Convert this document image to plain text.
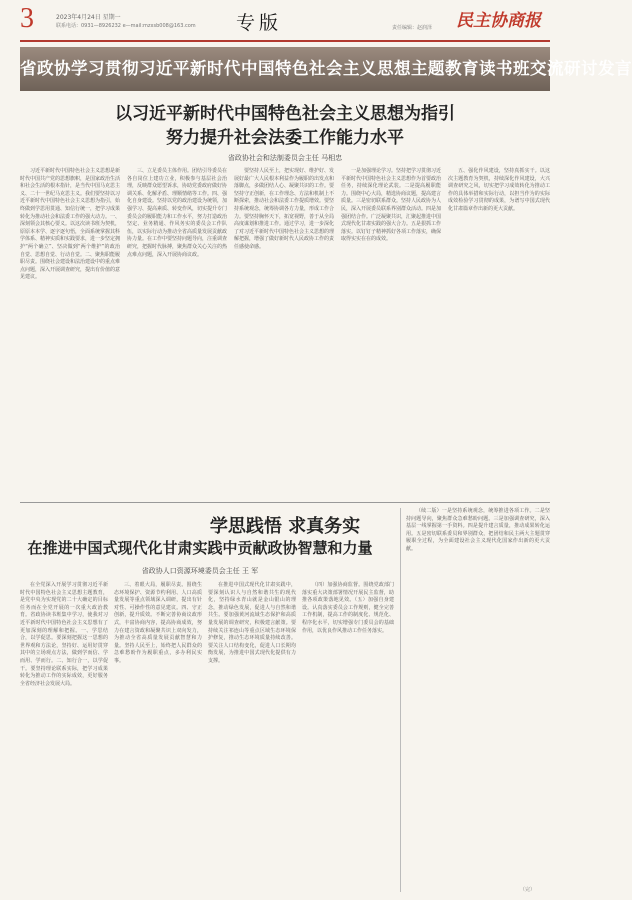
3	2023年4月24日 星期一
联系电话：0931—8926232 e—mail:mzxsb008@163.com 专版	民主协商报
责任编辑：赵润泽
省政协学习贯彻习近平新时代中国特色社会主义思想主题教育读书班交流研讨发言
以习近平新时代中国特色社会主义思想为指引
努力提升社会法委工作能力水平
省政协社会和法制委员会主任 马相忠

习近平新时代中国特色社会主义思想是新时代中国共产党的思想旗帜，是国家政治生活和社会生活的根本指针，是当代中国马克思主义、二十一世纪马克思主义。我们要坚持以习近平新时代中国特色社会主义思想为指引，始终做到学思用贯通、知信行统一，把学习成果转化为推动社会和法委工作的强大动力。一、深刻领会其核心要义。以这次读书班为契机，原原本本学、逐字逐句悟，全面系统掌握其科学体系、精神实质和实践要求，进一步坚定拥护“两个确立”、坚决做到“两个维护”的政治自觉、思想自觉、行动自觉。二、聚焦职能履职尽责。围绕社会建设和法治建设中的重点难点问题，深入开展调查研究，提出有价值的意见建议。

三、立足委员主体作用。团结引导委员在各自岗位上建功立业，积极参与基层社会治理，反映群众愿望诉求，协助党委政府做好协调关系、化解矛盾、理顺情绪等工作。四、强化自身建设。坚持以党的政治建设为统领，加强学习、提高素质、转变作风，切实提升专门委员会的履职能力和工作水平，努力打造政治坚定、业务精通、作风务实的委员会工作队伍，以实际行动为推动全省高质量发展贡献政协力量。在工作中要坚持问题导向，注重调查研究，把握时代脉搏，聚焦群众关心关注的热点难点问题，深入开展协商议政。

要坚持人民至上，把实现好、维护好、发展好最广大人民根本利益作为履职的出发点和落脚点，多做团结人心、凝聚共识的工作。要坚持守正创新，在工作理念、方法和机制上不断探索，推动社会和法委工作提质增效。要坚持系统观念，统筹协调各方力量，形成工作合力。要坚持胸怀天下，拓宽视野，善于从全局高度谋划和推进工作。通过学习，进一步深化了对习近平新时代中国特色社会主义思想的理解把握，增强了做好新时代人民政协工作的责任感使命感。

一是加强理论学习。坚持把学习贯彻习近平新时代中国特色社会主义思想作为首要政治任务，持续深化理论武装。二是提高履职能力。围绕中心大局，精选协商议题，提高建言质量。三是密切联系群众。坚持人民政协为人民，深入开展委员联系界别群众活动。四是加强团结合作。广泛凝聚共识，汇聚起推进中国式现代化甘肃实践的强大合力。五是狠抓工作落实。以钉钉子精神抓好各项工作落实，确保取得实实在在的成效。

五、强化作风建设，坚持真抓实干。以这次主题教育为契机，持续深化作风建设，大兴调查研究之风，切实把学习成效转化为推动工作的具体举措和实际行动，以担当作为的实际成效检验学习贯彻的成果，为谱写中国式现代化甘肃篇章作出新的更大贡献。

学思践悟 求真务实
在推进中国式现代化甘肃实践中贡献政协智慧和力量
省政协人口资源环境委员会主任 王 军

在全党深入开展学习贯彻习近平新时代中国特色社会主义思想主题教育，是党中央为实现党的二十大确定的目标任务而在全党开展的一次重大政治教育。省政协读书班集中学习，使我对习近平新时代中国特色社会主义思想有了更加深刻的理解和把握。一、学思结合，以学促思。要深刻把握这一思想的世界观和方法论，坚持好、运用好贯穿其中的立场观点方法，做到学而信、学而用、学而行。二、知行合一，以学促干。要坚持理论联系实际，把学习成果转化为推动工作的实际成效，更好服务全省经济社会发展大局。

三、着眼大局，履职尽责。围绕生态环境保护、资源节约利用、人口高质量发展等重点领域深入调研，提出有针对性、可操作性的意见建议。四、守正创新，提升质效。不断完善协商议政形式，丰富协商内容，提高协商成效，努力在建言资政和凝聚共识上双向发力，为推动全省高质量发展贡献智慧和力量。坚持人民至上，始终把人民群众的急难愁盼作为履职重点，多办利民实事。

在推进中国式现代化甘肃实践中，要深刻认识人与自然和谐共生的现代化，坚持绿水青山就是金山银山的理念，推动绿色发展，促进人与自然和谐共生。要加强黄河流域生态保护和高质量发展的调查研究，积极建言献策。要持续关注祁连山等重点区域生态环境保护修复，推动生态环境质量持续改善。要关注人口结构变化，促进人口长期均衡发展，为推进中国式现代化提供有力支撑。

（四）加强协商监督。围绕党政部门落实重大决策部署情况开展民主监督，助推各项政策落地见效。（五）加强自身建设。认真落实委员会工作规则，健全完善工作机制，提高工作的制度化、规范化、程序化水平，切实增强专门委员会的基础作用，以优良作风推动工作任务落实。

（续二版）一是坚持系统观念，统筹推进各项工作。二是坚持问题导向，聚焦群众急难愁盼问题。三是加强调查研究，深入基层一线掌握第一手资料。四是提升建言质量，推动成果转化运用。五是密切联系委员和界别群众，把团结和民主两大主题贯穿履职全过程，为全面建设社会主义现代化国家作出新的更大贡献。

（完）
